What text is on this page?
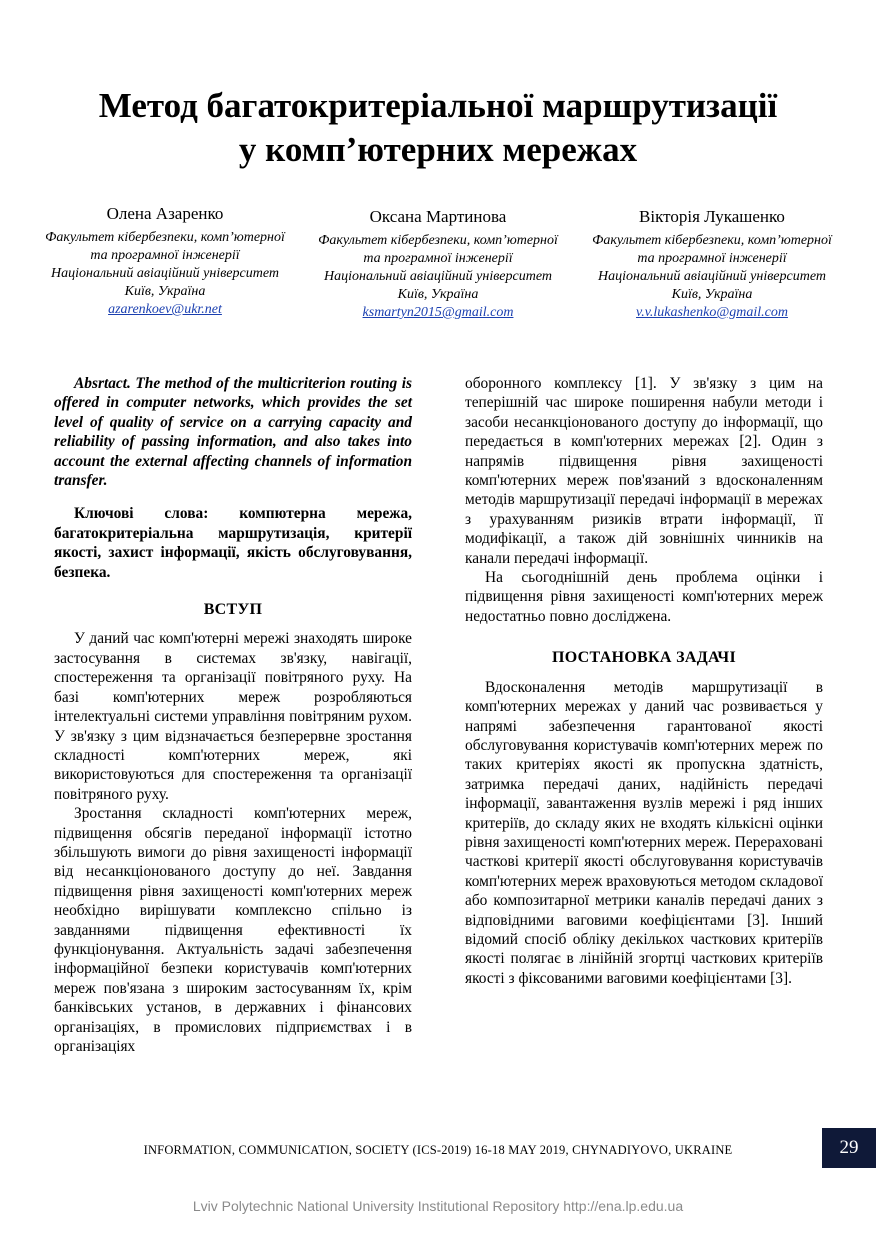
Метод багатокритеріальної маршрутизації
у комп’ютерних мережах
Олена Азаренко
Факультет кібербезпеки, комп’ютерної та програмної інженерії
Національний авіаційний університет
Київ, Україна
azarenkoev@ukr.net
Оксана Мартинова
Факультет кібербезпеки, комп’ютерної та програмної інженерії
Національний авіаційний університет
Київ, Україна
ksmartyn2015@gmail.com
Вікторія Лукашенко
Факультет кібербезпеки, комп’ютерної та програмної інженерії
Національний авіаційний університет
Київ, Україна
v.v.lukashenko@gmail.com

Absrtact. The method of the multicriterion routing is offered in computer networks, which provides the set level of quality of service on a carrying capacity and reliability of passing information, and also takes into account the external affecting channels of information transfer.

Ключові слова: компютерна мережа, багатокритеріальна маршрутизація, критерії якості, захист інформації, якість обслуговування, безпека.

ВСТУП

У даний час комп'ютерні мережі знаходять широке застосування в системах зв'язку, навігації, спостереження та організації повітряного руху. На базі комп'ютерних мереж розробляються інтелектуальні системи управління повітряним рухом. У зв'язку з цим відзначається безперервне зростання складності комп'ютерних мереж, які використовуються для спостереження та організації повітряного руху.

Зростання складності комп'ютерних мереж, підвищення обсягів переданої інформації істотно збільшують вимоги до рівня захищеності інформації від несанкціонованого доступу до неї. Завдання підвищення рівня захищеності комп'ютерних мереж необхідно вирішувати комплексно спільно із завданнями підвищення ефективності їх функціонування. Актуальність задачі забезпечення інформаційної безпеки користувачів комп'ютерних мереж пов'язана з широким застосуванням їх, крім банківських установ, в державних і фінансових організаціях, в промислових підприємствах і в організаціях

оборонного комплексу [1]. У зв'язку з цим на теперішній час широке поширення набули методи і засоби несанкціонованого доступу до інформації, що передається в комп'ютерних мережах [2]. Один з напрямів підвищення рівня захищеності комп'ютерних мереж пов'язаний з вдосконаленням методів маршрутизації передачі інформації в мережах з урахуванням ризиків втрати інформації, її модифікації, а також дій зовнішніх чинників на канали передачі інформації.

На сьогоднішній день проблема оцінки і підвищення рівня захищеності комп'ютерних мереж недостатньо повно досліджена.

ПОСТАНОВКА ЗАДАЧІ

Вдосконалення методів маршрутизації в комп'ютерних мережах у даний час розвивається у напрямі забезпечення гарантованої якості обслуговування користувачів комп'ютерних мереж по таких критеріях якості як пропускна здатність, затримка передачі даних, надійність передачі інформації, завантаження вузлів мережі і ряд інших критеріїв, до складу яких не входять кількісні оцінки рівня захищеності комп'ютерних мереж. Перераховані часткові критерії якості обслуговування користувачів комп'ютерних мереж враховуються методом складової або композитарної метрики каналів передачі даних з відповідними ваговими коефіцієнтами [3]. Інший відомий спосіб обліку декількох часткових критеріїв якості полягає в лінійній згортці часткових критеріїв якості з фіксованими ваговими коефіцієнтами [3].

INFORMATION, COMMUNICATION, SOCIETY (ICS-2019) 16-18 MAY 2019, CHYNADIYOVO, UKRAINE	29
Lviv Polytechnic National University Institutional Repository http://ena.lp.edu.ua
